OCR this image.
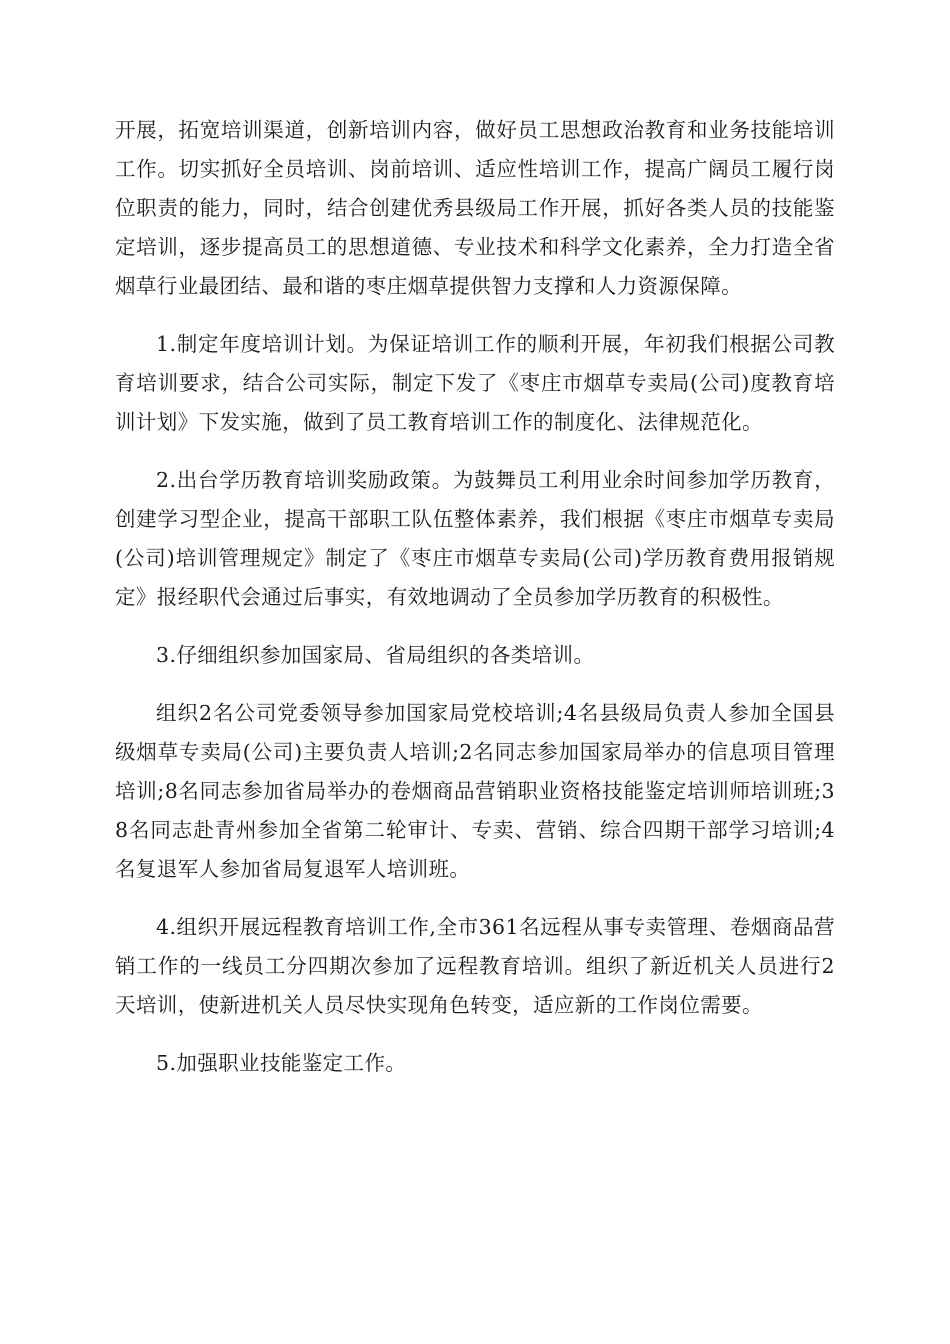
开展，拓宽培训渠道，创新培训内容，做好员工思想政治教育和业务技能培训工作。切实抓好全员培训、岗前培训、适应性培训工作，提高广阔员工履行岗位职责的能力，同时，结合创建优秀县级局工作开展，抓好各类人员的技能鉴定培训，逐步提高员工的思想道德、专业技术和科学文化素养，全力打造全省烟草行业最团结、最和谐的枣庄烟草提供智力支撑和人力资源保障。

1.制定年度培训计划。为保证培训工作的顺利开展，年初我们根据公司教育培训要求，结合公司实际，制定下发了《枣庄市烟草专卖局(公司)度教育培训计划》下发实施，做到了员工教育培训工作的制度化、法律规范化。

2.出台学历教育培训奖励政策。为鼓舞员工利用业余时间参加学历教育，创建学习型企业，提高干部职工队伍整体素养，我们根据《枣庄市烟草专卖局(公司)培训管理规定》制定了《枣庄市烟草专卖局(公司)学历教育费用报销规定》报经职代会通过后事实，有效地调动了全员参加学历教育的积极性。

3.仔细组织参加国家局、省局组织的各类培训。

组织2名公司党委领导参加国家局党校培训;4名县级局负责人参加全国县级烟草专卖局(公司)主要负责人培训;2名同志参加国家局举办的信息项目管理培训;8名同志参加省局举办的卷烟商品营销职业资格技能鉴定培训师培训班;38名同志赴青州参加全省第二轮审计、专卖、营销、综合四期干部学习培训;4名复退军人参加省局复退军人培训班。

4.组织开展远程教育培训工作,全市361名远程从事专卖管理、卷烟商品营销工作的一线员工分四期次参加了远程教育培训。组织了新近机关人员进行2天培训，使新进机关人员尽快实现角色转变，适应新的工作岗位需要。

5.加强职业技能鉴定工作。
